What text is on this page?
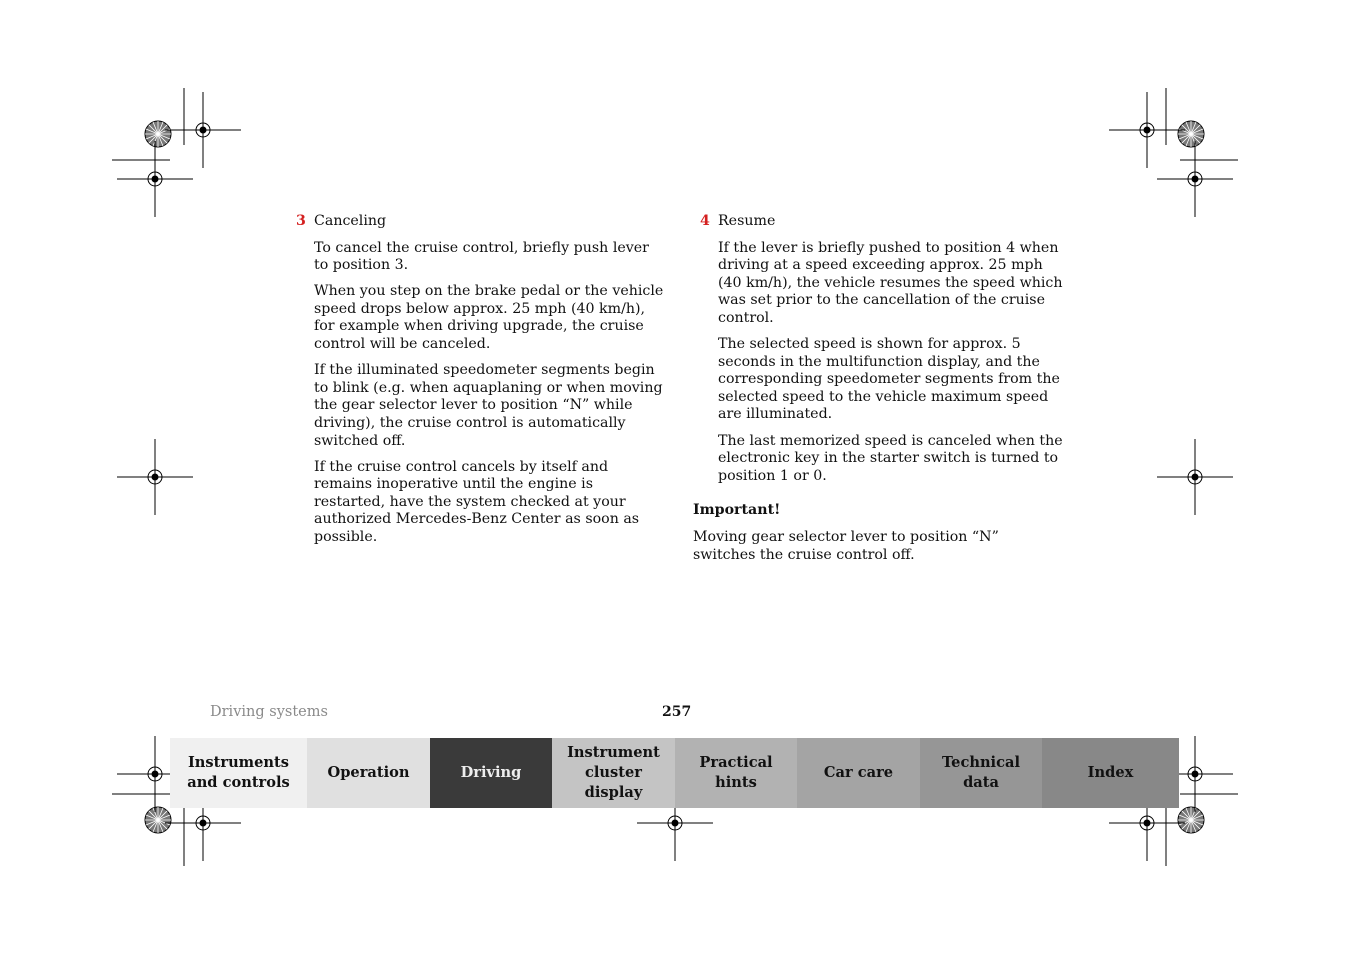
3 Canceling

To cancel the cruise control, briefly push lever to position 3.

When you step on the brake pedal or the vehicle speed drops below approx. 25 mph (40 km/h), for example when driving upgrade, the cruise control will be canceled.

If the illuminated speedometer segments begin to blink (e.g. when aquaplaning or when moving the gear selector lever to position “N” while driving), the cruise control is automatically switched off.

If the cruise control cancels by itself and remains inoperative until the engine is restarted, have the system checked at your authorized Mercedes-Benz Center as soon as possible.

4 Resume

If the lever is briefly pushed to position 4 when driving at a speed exceeding approx. 25 mph (40 km/h), the vehicle resumes the speed which was set prior to the cancellation of the cruise control.

The selected speed is shown for approx. 5 seconds in the multifunction display, and the corresponding speedometer segments from the selected speed to the vehicle maximum speed are illuminated.

The last memorized speed is canceled when the electronic key in the starter switch is turned to position 1 or 0.

Important!
Moving gear selector lever to position “N” switches the cruise control off.
Driving systems	257
Instruments
and controls
Operation	Driving
Instrument
cluster display
Practical hints
Car care
Technical
data
Index
